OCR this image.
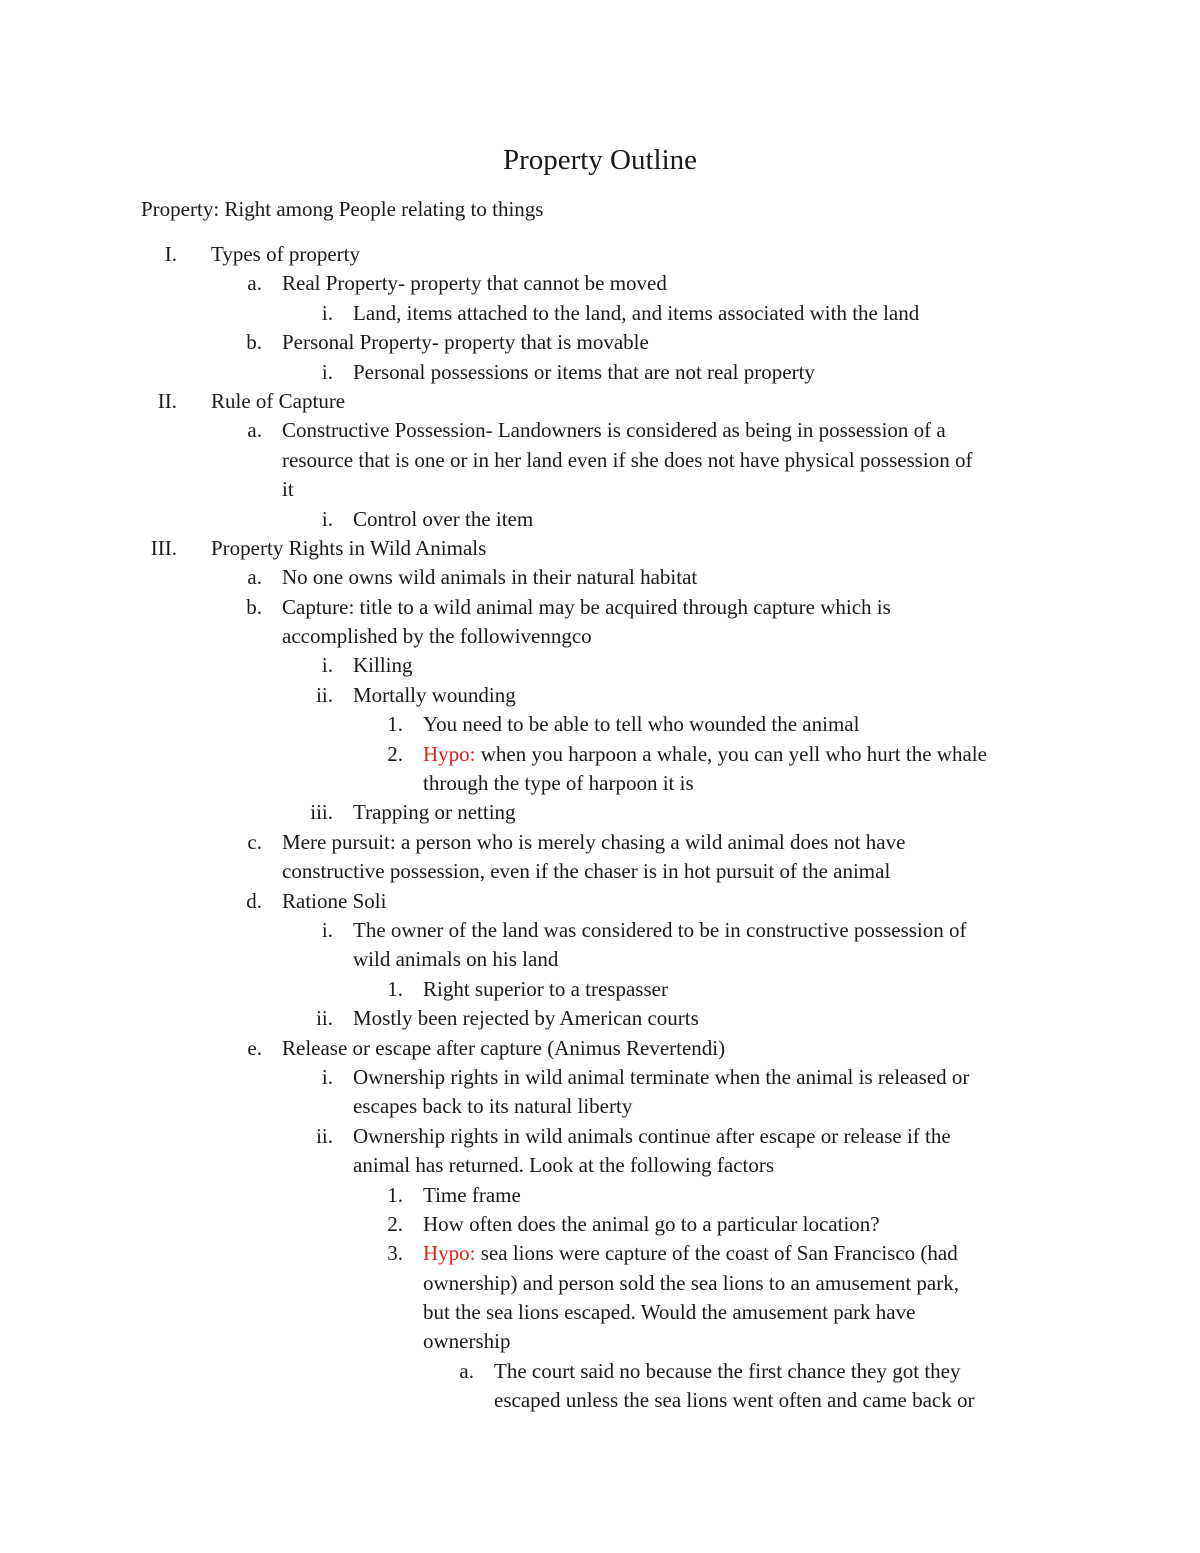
Property Outline
Property: Right among People relating to things
I. Types of property
a. Real Property- property that cannot be moved
i. Land, items attached to the land, and items associated with the land
b. Personal Property- property that is movable
i. Personal possessions or items that are not real property
II. Rule of Capture
a. Constructive Possession- Landowners is considered as being in possession of a
resource that is one or in her land even if she does not have physical possession of
it
i. Control over the item
III. Property Rights in Wild Animals
a. No one owns wild animals in their natural habitat
b. Capture: title to a wild animal may be acquired through capture which is
accomplished by the followivenngco
i. Killing
ii. Mortally wounding
1. You need to be able to tell who wounded the animal
2. Hypo: when you harpoon a whale, you can yell who hurt the whale
through the type of harpoon it is
iii. Trapping or netting
c. Mere pursuit: a person who is merely chasing a wild animal does not have
constructive possession, even if the chaser is in hot pursuit of the animal
d. Ratione Soli
i. The owner of the land was considered to be in constructive possession of
wild animals on his land
1. Right superior to a trespasser
ii. Mostly been rejected by American courts
e. Release or escape after capture (Animus Revertendi)
i. Ownership rights in wild animal terminate when the animal is released or
escapes back to its natural liberty
ii. Ownership rights in wild animals continue after escape or release if the
animal has returned. Look at the following factors
1. Time frame
2. How often does the animal go to a particular location?
3. Hypo: sea lions were capture of the coast of San Francisco (had
ownership) and person sold the sea lions to an amusement park,
but the sea lions escaped. Would the amusement park have
ownership
a. The court said no because the first chance they got they
escaped unless the sea lions went often and came back or
